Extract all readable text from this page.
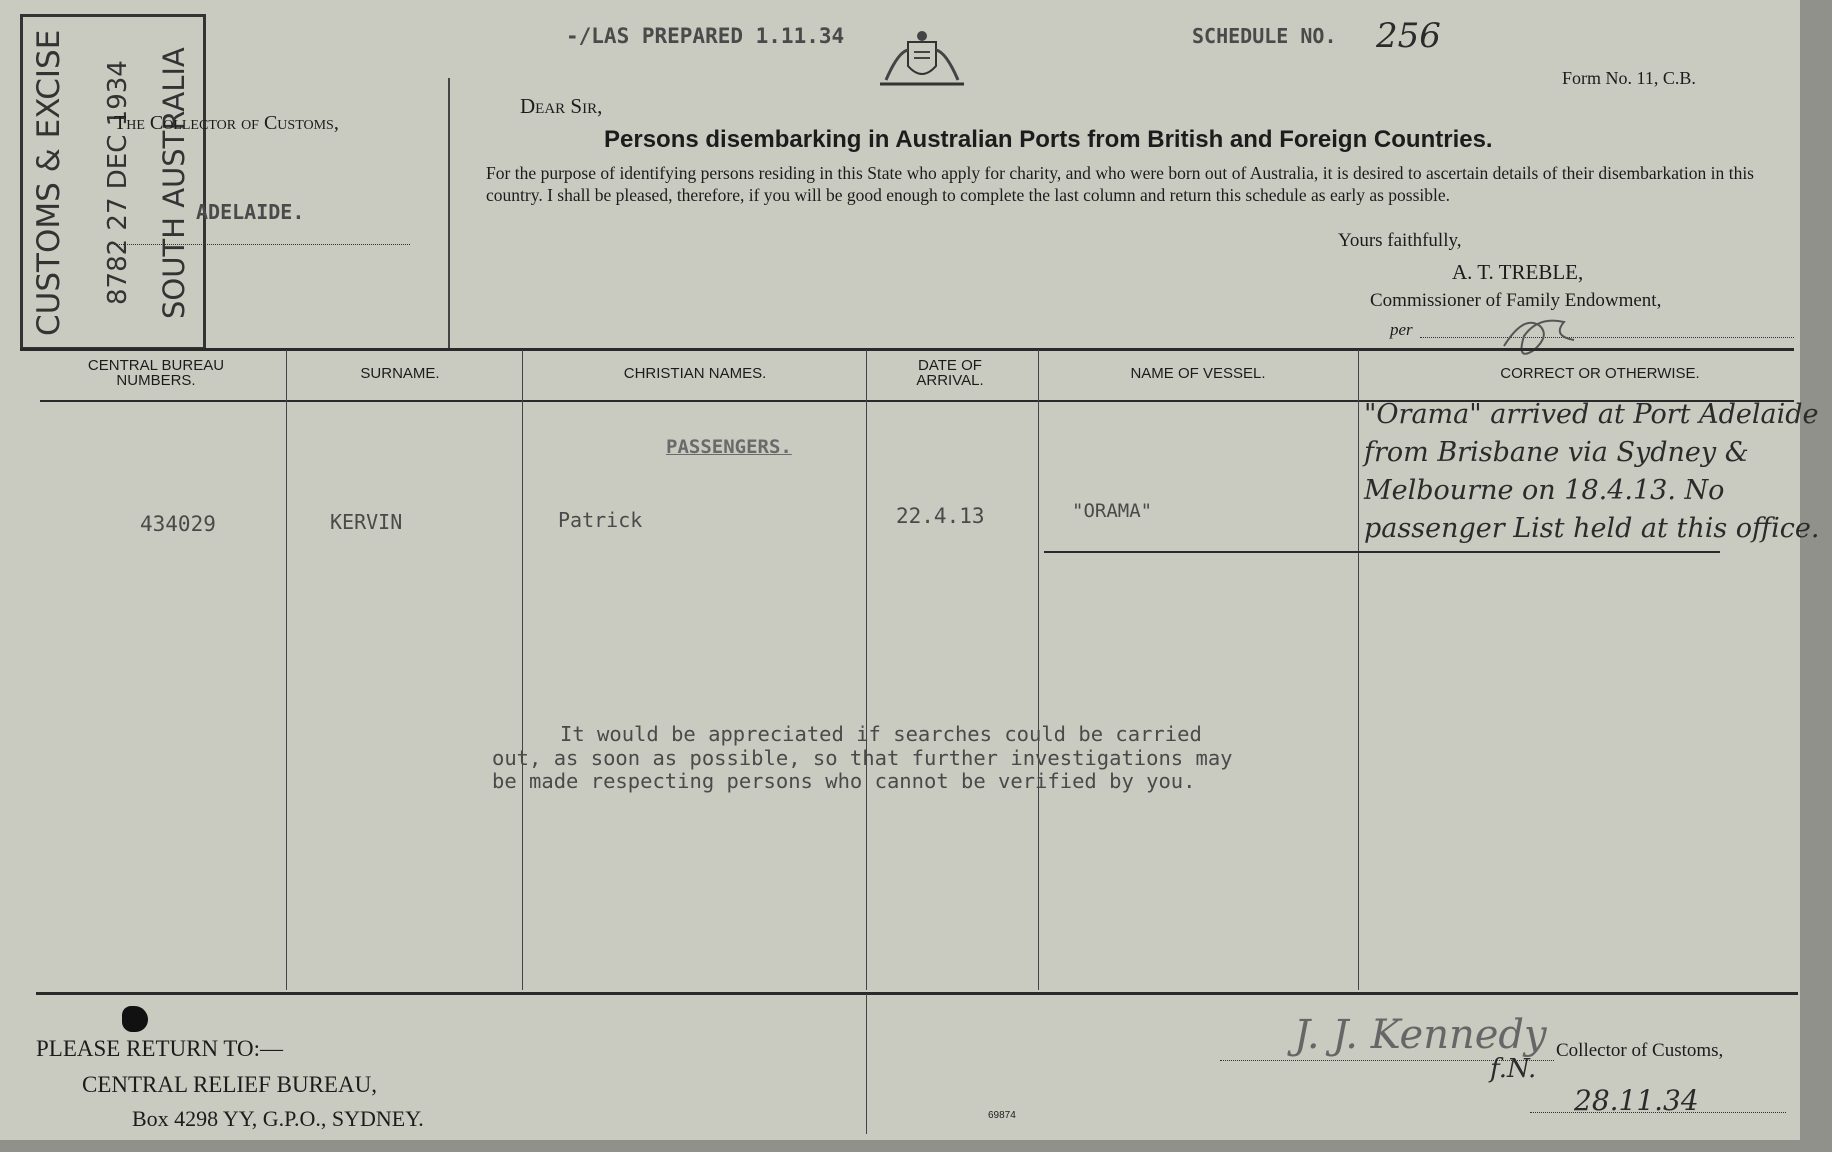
CUSTOMS & EXCISE 8782 27 DEC 1934 SOUTH AUSTRALIA
-/LAS PREPARED 1.11.34	SCHEDULE NO. 256
Form No. 11, C.B.
The Collector of Customs,
ADELAIDE.
Dear Sir,
Persons disembarking in Australian Ports from British and Foreign Countries.
For the purpose of identifying persons residing in this State who apply for charity, and who were born out of Australia, it is desired to ascertain details of their disembarkation in this country. I shall be pleased, therefore, if you will be good enough to complete the last column and return this schedule as early as possible.
Yours faithfully,
A. T. TREBLE,
Commissioner of Family Endowment,
per
CENTRAL BUREAU NUMBERS.	SURNAME.	CHRISTIAN NAMES.	DATE OF ARRIVAL.	NAME OF VESSEL.	CORRECT OR OTHERWISE.
PASSENGERS.
434029	KERVIN	Patrick	22.4.13	"ORAMA"
"Orama" arrived at Port Adelaide from Brisbane via Sydney & Melbourne on 18.4.13. No passenger List held at this office.
It would be appreciated if searches could be carried
out, as soon as possible, so that further investigations may
be made respecting persons who cannot be verified by you.
PLEASE RETURN TO:—
CENTRAL RELIEF BUREAU,
Box 4298 YY, G.P.O., SYDNEY.	69874
J. J. Kennedy
f.N.
Collector of Customs,
28.11.34
